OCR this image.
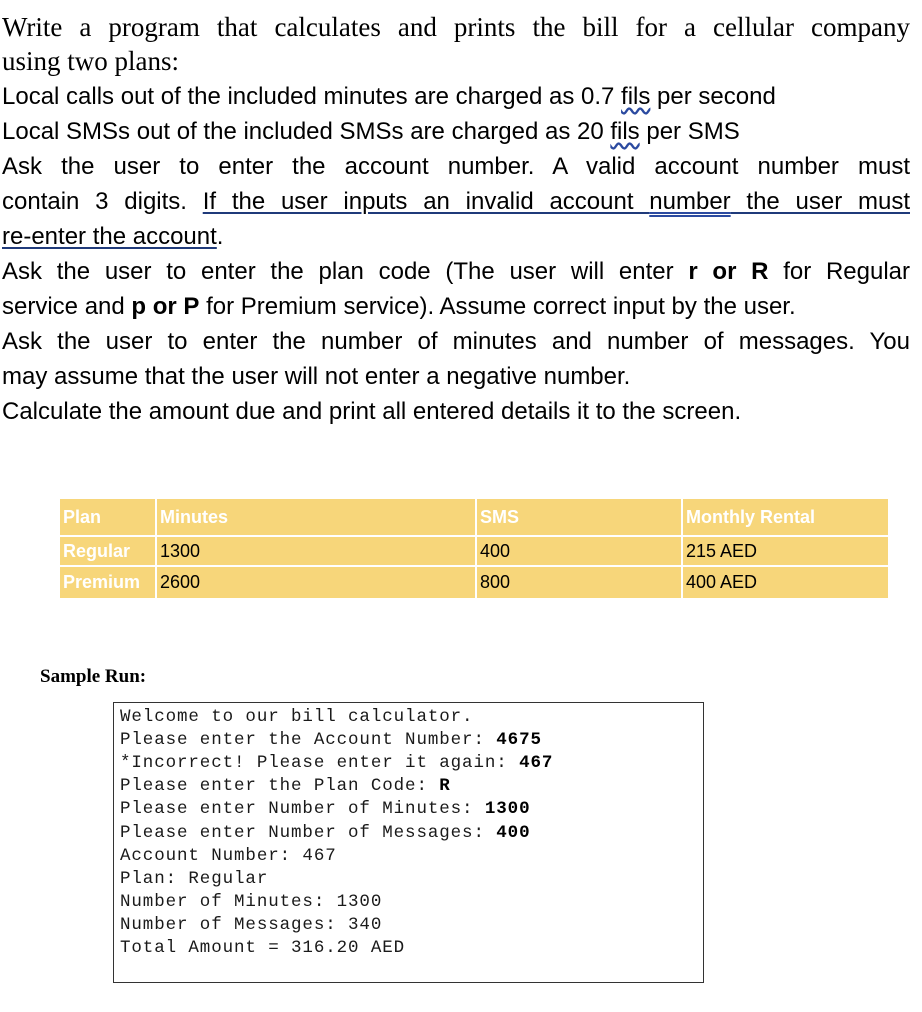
Write a program that calculates and prints the bill for a cellular company
using two plans:
Local calls out of the included minutes are charged as 0.7 fils per second
Local SMSs out of the included SMSs are charged as 20 fils per SMS
Ask the user to enter the account number. A valid account number must
contain 3 digits. If the user inputs an invalid account number the user must
re-enter the account.
Ask the user to enter the plan code (The user will enter r or R for Regular
service and p or P for Premium service). Assume correct input by the user.
Ask the user to enter the number of minutes and number of messages. You
may assume that the user will not enter a negative number.
Calculate the amount due and print all entered details it to the screen.
Plan	Minutes	SMS	Monthly Rental
Regular	1300	400	215 AED
Premium	2600	800	400 AED
Sample Run:
Welcome to our bill calculator.
Please enter the Account Number: 4675
*Incorrect! Please enter it again: 467
Please enter the Plan Code: R
Please enter Number of Minutes: 1300
Please enter Number of Messages: 400
Account Number: 467
Plan: Regular
Number of Minutes: 1300
Number of Messages: 340
Total Amount = 316.20 AED
